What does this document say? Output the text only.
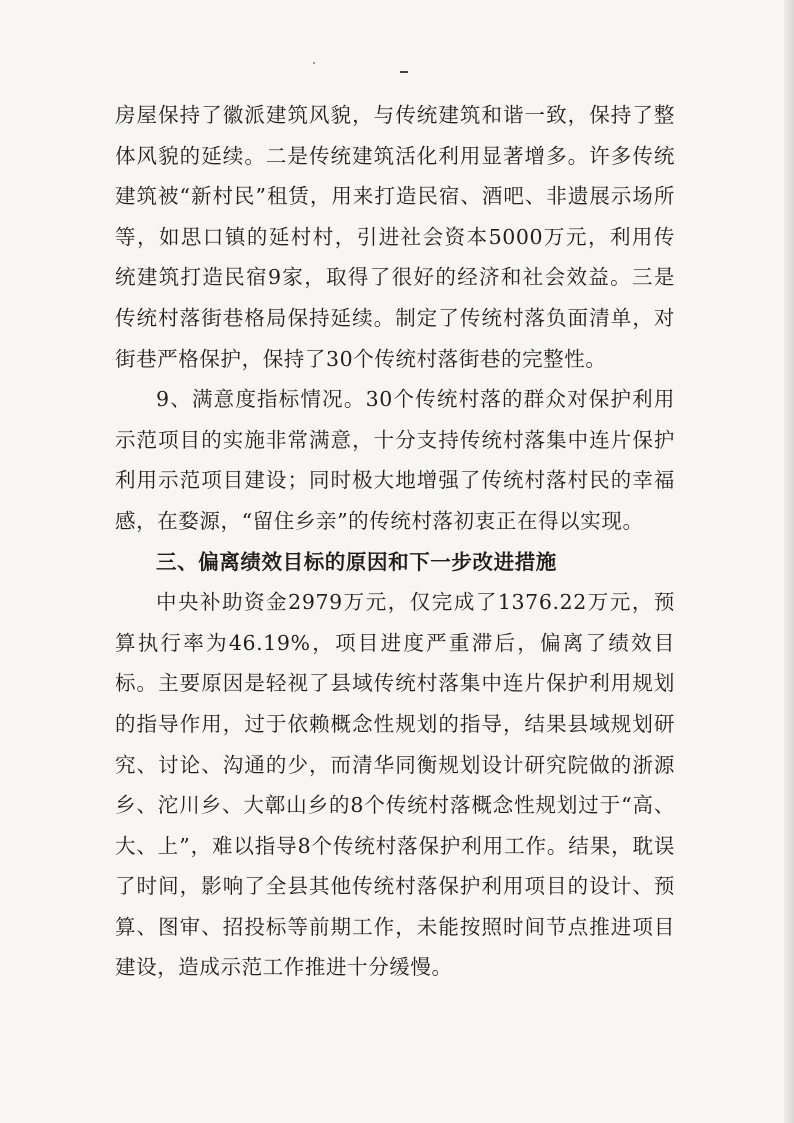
房屋保持了徽派建筑风貌，与传统建筑和谐一致，保持了整体风貌的延续。二是传统建筑活化利用显著增多。许多传统建筑被“新村民”租赁，用来打造民宿、酒吧、非遗展示场所等，如思口镇的延村村，引进社会资本5000万元，利用传统建筑打造民宿9家，取得了很好的经济和社会效益。三是传统村落街巷格局保持延续。制定了传统村落负面清单，对街巷严格保护，保持了30个传统村落街巷的完整性。

9、满意度指标情况。30个传统村落的群众对保护利用示范项目的实施非常满意，十分支持传统村落集中连片保护利用示范项目建设；同时极大地增强了传统村落村民的幸福感，在婺源，“留住乡亲”的传统村落初衷正在得以实现。

三、偏离绩效目标的原因和下一步改进措施

中央补助资金2979万元，仅完成了1376.22万元，预算执行率为46.19%，项目进度严重滞后，偏离了绩效目标。主要原因是轻视了县域传统村落集中连片保护利用规划的指导作用，过于依赖概念性规划的指导，结果县域规划研究、讨论、沟通的少，而清华同衡规划设计研究院做的浙源乡、沱川乡、大鄣山乡的8个传统村落概念性规划过于“高、大、上”，难以指导8个传统村落保护利用工作。结果，耽误了时间，影响了全县其他传统村落保护利用项目的设计、预算、图审、招投标等前期工作，未能按照时间节点推进项目建设，造成示范工作推进十分缓慢。
